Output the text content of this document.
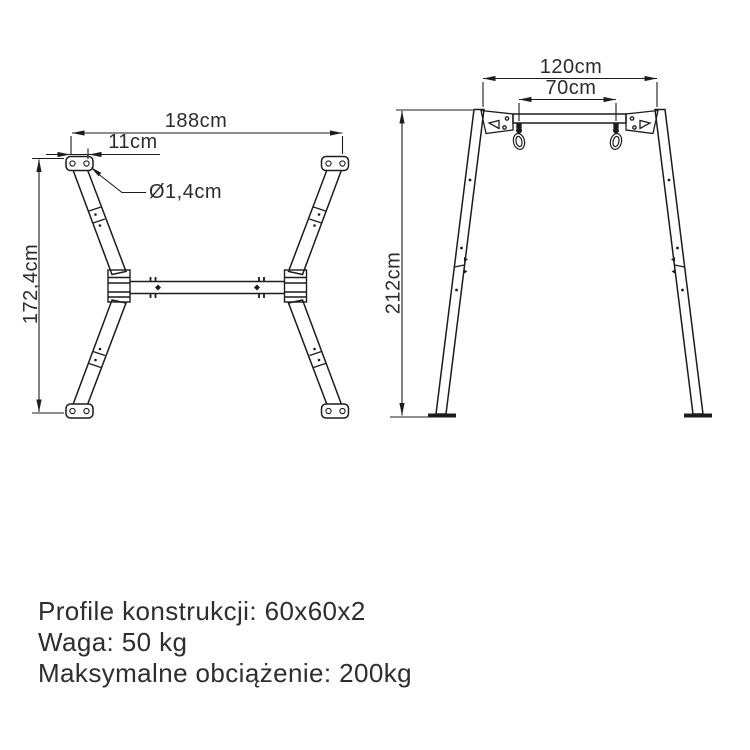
188cm
11cm
Ø1,4cm
172,4cm
120cm
70cm
212cm

Profile konstrukcji: 60x60x2

Waga: 50 kg

Maksymalne obciążenie: 200kg
